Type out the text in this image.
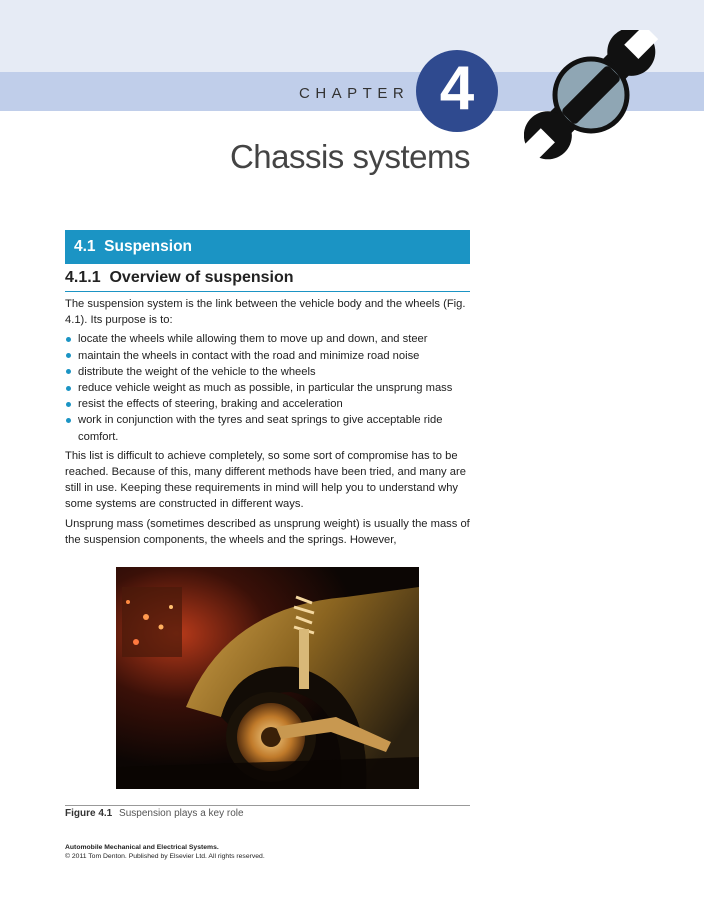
CHAPTER 4
Chassis systems
4.1  Suspension
4.1.1  Overview of suspension

The suspension system is the link between the vehicle body and the wheels (Fig. 4.1). Its purpose is to:

locate the wheels while allowing them to move up and down, and steer
maintain the wheels in contact with the road and minimize road noise
distribute the weight of the vehicle to the wheels
reduce vehicle weight as much as possible, in particular the unsprung mass
resist the effects of steering, braking and acceleration
work in conjunction with the tyres and seat springs to give acceptable ride comfort.

This list is difficult to achieve completely, so some sort of compromise has to be reached. Because of this, many different methods have been tried, and many are still in use. Keeping these requirements in mind will help you to understand why some systems are constructed in different ways.

Unsprung mass (sometimes described as unsprung weight) is usually the mass of the suspension components, the wheels and the springs. However,

Figure 4.1 Suspension plays a key role
Automobile Mechanical and Electrical Systems.
© 2011 Tom Denton. Published by Elsevier Ltd. All rights reserved.
